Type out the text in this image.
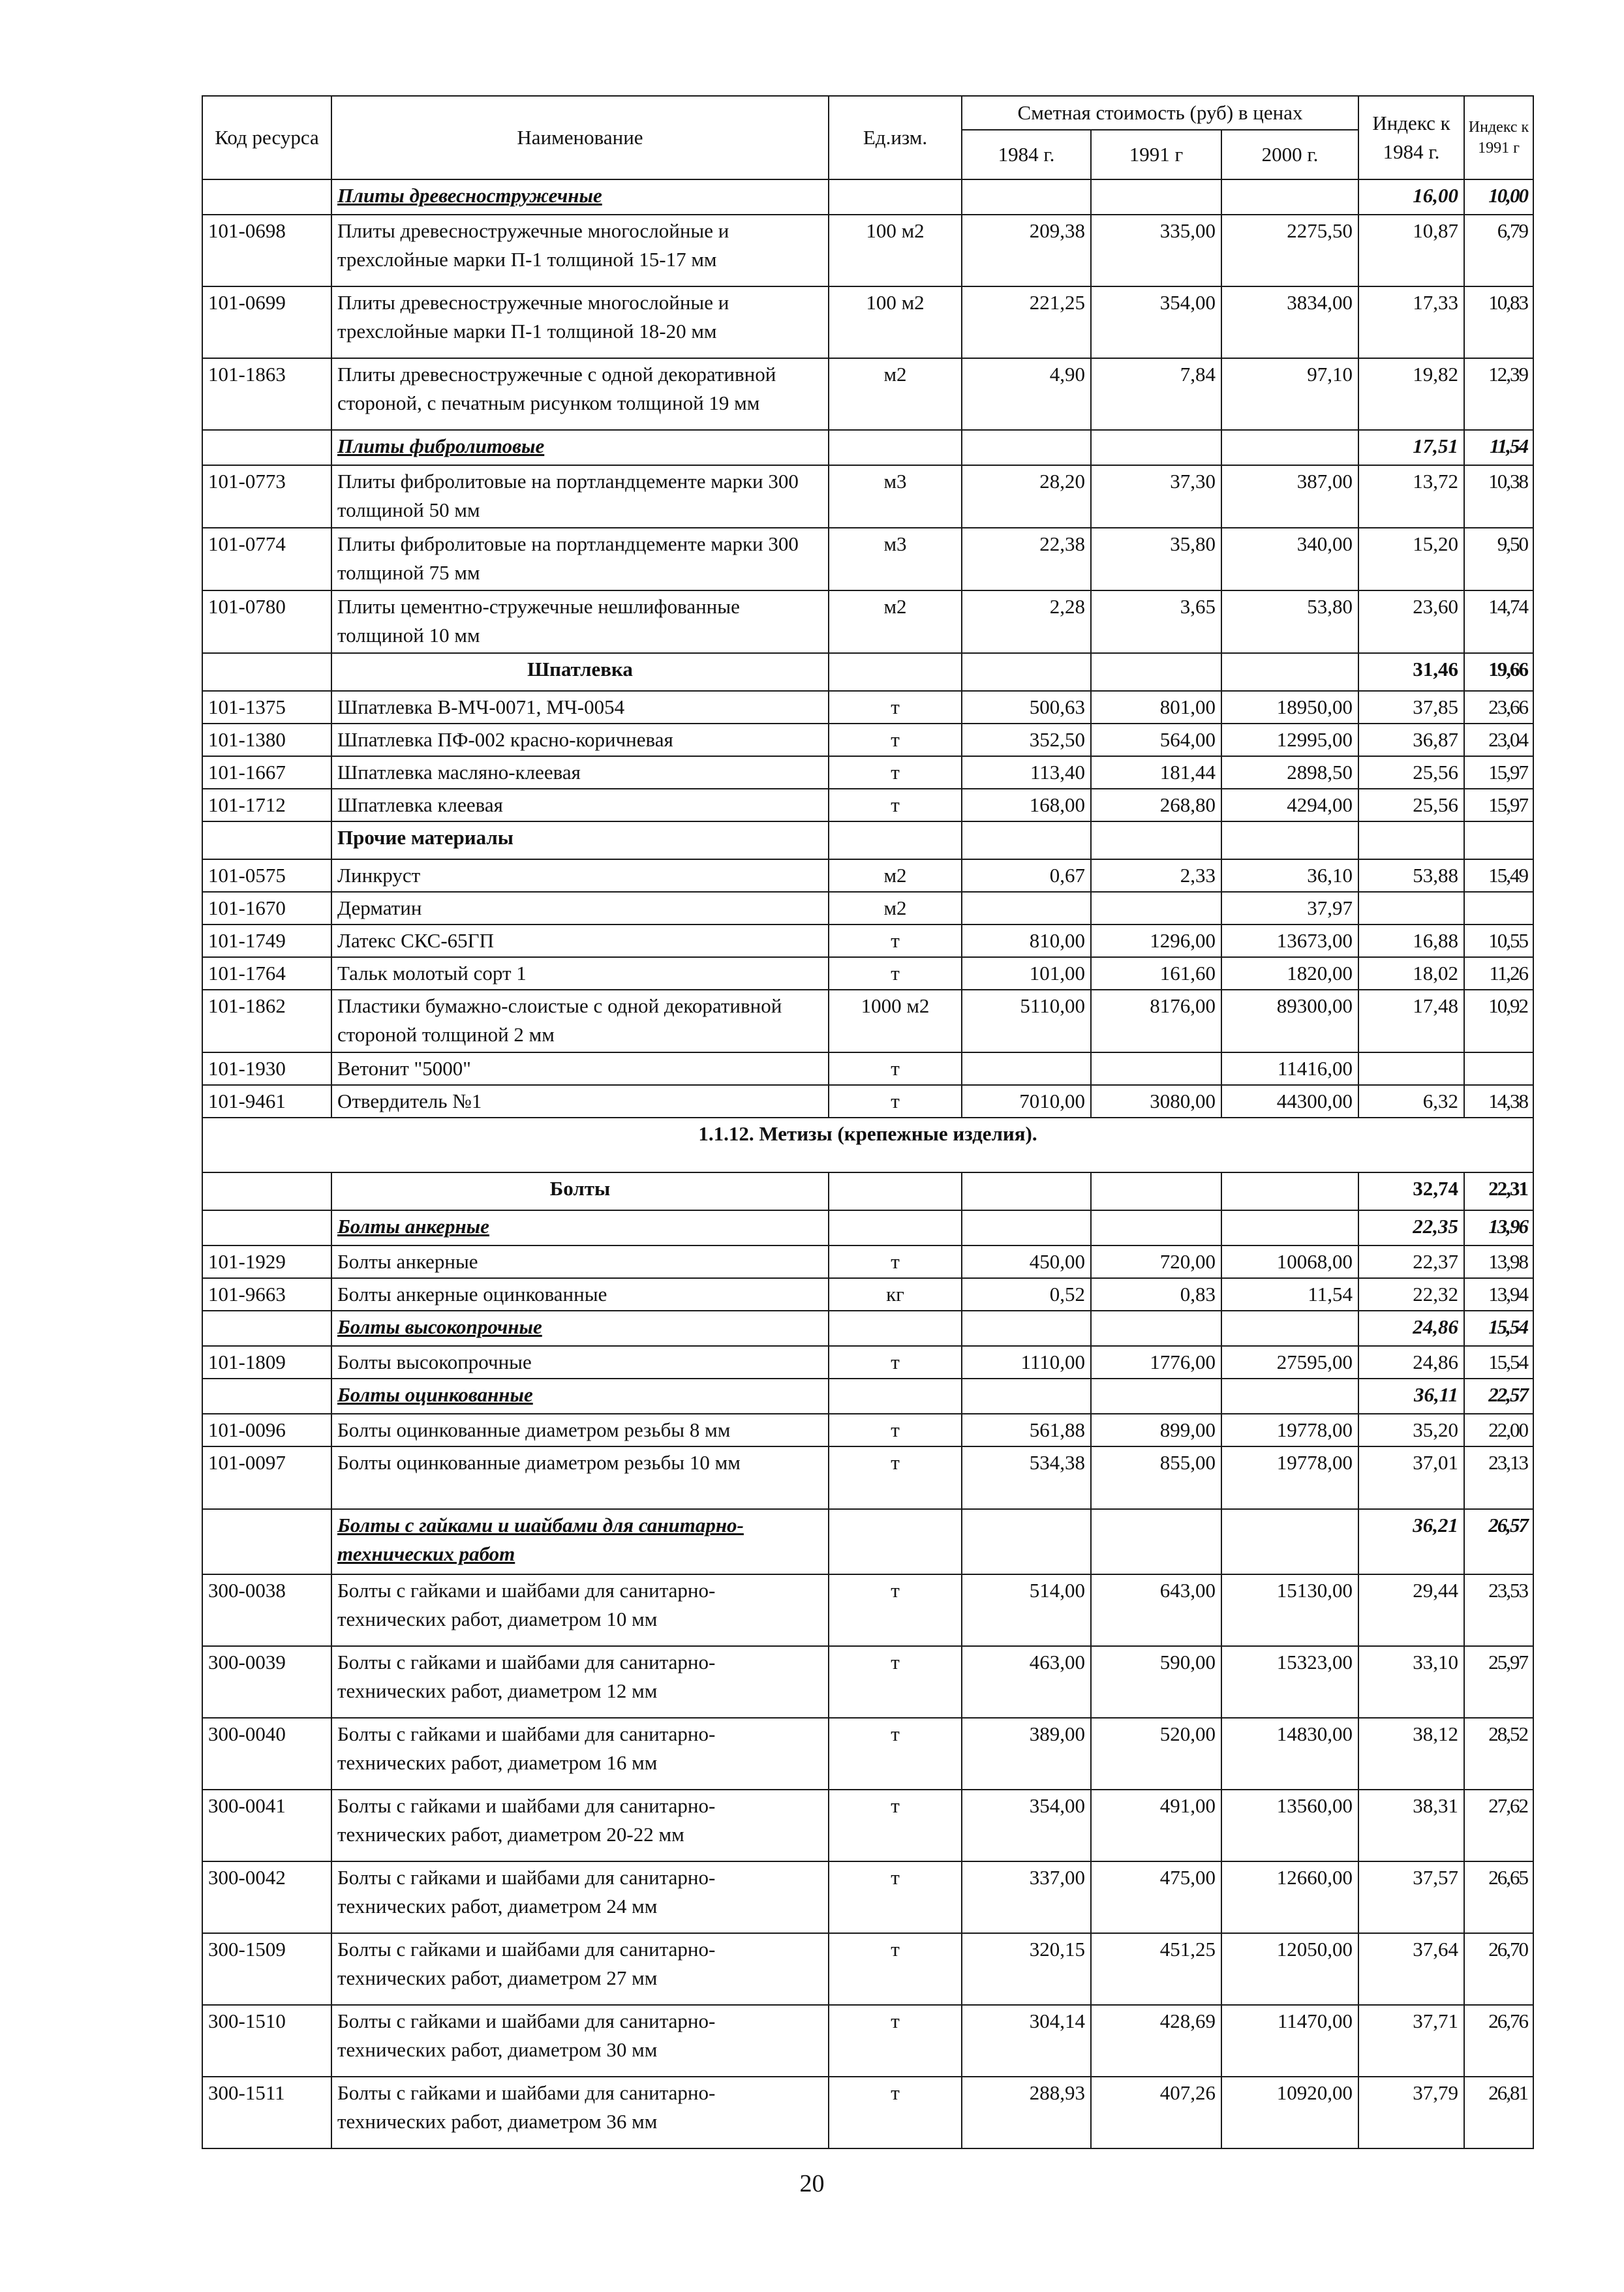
Код ресурса	Наименование	Ед.изм.	Сметная стоимость (руб) в ценах			Индекс к 1984 г.	Индекс к 1991 г
			1984 г.	1991 г	2000 г.		
	Плиты древесностружечные					16,00	10,00
101-0698	Плиты древесностружечные многослойные и трехслойные марки П-1 толщиной 15-17 мм	100 м2	209,38	335,00	2275,50	10,87	6,79
101-0699	Плиты древесностружечные многослойные и трехслойные марки П-1 толщиной 18-20 мм	100 м2	221,25	354,00	3834,00	17,33	10,83
101-1863	Плиты древесностружечные с одной декоративной стороной, с печатным рисунком толщиной 19 мм	м2	4,90	7,84	97,10	19,82	12,39
	Плиты фибролитовые					17,51	11,54
101-0773	Плиты фибролитовые на портландцементе марки 300 толщиной 50 мм	м3	28,20	37,30	387,00	13,72	10,38
101-0774	Плиты фибролитовые на портландцементе марки 300 толщиной 75 мм	м3	22,38	35,80	340,00	15,20	9,50
101-0780	Плиты цементно-стружечные нешлифованные толщиной 10 мм	м2	2,28	3,65	53,80	23,60	14,74
	Шпатлевка					31,46	19,66
101-1375	Шпатлевка В-МЧ-0071, МЧ-0054	т	500,63	801,00	18950,00	37,85	23,66
101-1380	Шпатлевка ПФ-002 красно-коричневая	т	352,50	564,00	12995,00	36,87	23,04
101-1667	Шпатлевка масляно-клеевая	т	113,40	181,44	2898,50	25,56	15,97
101-1712	Шпатлевка клеевая	т	168,00	268,80	4294,00	25,56	15,97
	Прочие материалы						
101-0575	Линкруст	м2	0,67	2,33	36,10	53,88	15,49
101-1670	Дерматин	м2			37,97		
101-1749	Латекс СКС-65ГП	т	810,00	1296,00	13673,00	16,88	10,55
101-1764	Тальк молотый сорт 1	т	101,00	161,60	1820,00	18,02	11,26
101-1862	Пластики бумажно-слоистые с одной декоративной стороной толщиной 2 мм	1000 м2	5110,00	8176,00	89300,00	17,48	10,92
101-1930	Ветонит "5000"	т			11416,00		
101-9461	Отвердитель №1	т	7010,00	3080,00	44300,00	6,32	14,38
1.1.12. Метизы (крепежные изделия).							
	Болты					32,74	22,31
	Болты анкерные					22,35	13,96
101-1929	Болты анкерные	т	450,00	720,00	10068,00	22,37	13,98
101-9663	Болты анкерные оцинкованные	кг	0,52	0,83	11,54	22,32	13,94
	Болты высокопрочные					24,86	15,54
101-1809	Болты высокопрочные	т	1110,00	1776,00	27595,00	24,86	15,54
	Болты оцинкованные					36,11	22,57
101-0096	Болты оцинкованные диаметром резьбы 8 мм	т	561,88	899,00	19778,00	35,20	22,00
101-0097	Болты оцинкованные диаметром резьбы 10 мм	т	534,38	855,00	19778,00	37,01	23,13
	Болты с гайками и шайбами для санитарно-технических работ					36,21	26,57
300-0038	Болты с гайками и шайбами для санитарно-технических работ, диаметром 10 мм	т	514,00	643,00	15130,00	29,44	23,53
300-0039	Болты с гайками и шайбами для санитарно-технических работ, диаметром 12 мм	т	463,00	590,00	15323,00	33,10	25,97
300-0040	Болты с гайками и шайбами для санитарно-технических работ, диаметром 16 мм	т	389,00	520,00	14830,00	38,12	28,52
300-0041	Болты с гайками и шайбами для санитарно-технических работ, диаметром 20-22 мм	т	354,00	491,00	13560,00	38,31	27,62
300-0042	Болты с гайками и шайбами для санитарно-технических работ, диаметром 24 мм	т	337,00	475,00	12660,00	37,57	26,65
300-1509	Болты с гайками и шайбами для санитарно-технических работ, диаметром 27 мм	т	320,15	451,25	12050,00	37,64	26,70
300-1510	Болты с гайками и шайбами для санитарно-технических работ, диаметром 30 мм	т	304,14	428,69	11470,00	37,71	26,76
300-1511	Болты с гайками и шайбами для санитарно-технических работ, диаметром 36 мм	т	288,93	407,26	10920,00	37,79	26,81
20
